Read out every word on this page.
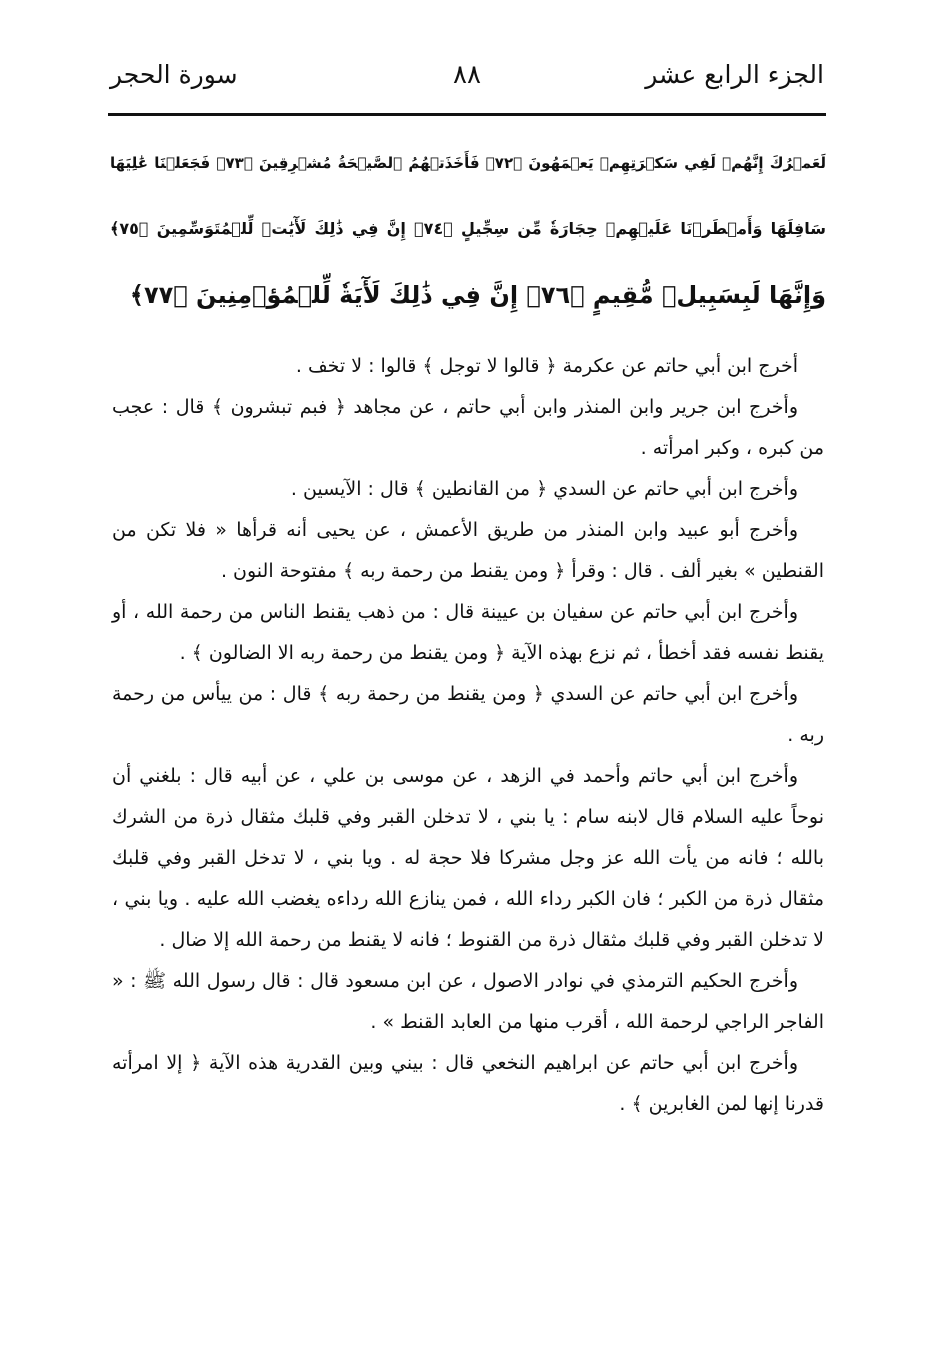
الجزء الرابع عشر
٨٨
سورة الحجر
لَعَمۡرُكَ إِنَّهُمۡ لَفِي سَكۡرَتِهِمۡ يَعۡمَهُونَ ﴿٧٢﴾ فَأَخَذَتۡهُمُ ٱلصَّيۡحَةُ مُشۡرِقِينَ ﴿٧٣﴾ فَجَعَلۡنَا عَٰلِيَهَا
سَافِلَهَا وَأَمۡطَرۡنَا عَلَيۡهِمۡ حِجَارَةٗ مِّن سِجِّيلٍ ﴿٧٤﴾ إِنَّ فِي ذَٰلِكَ لَأٓيَٰتٖ لِّلۡمُتَوَسِّمِينَ ﴿٧٥﴾
وَإِنَّهَا لَبِسَبِيلٖ مُّقِيمٍ ﴿٧٦﴾ إِنَّ فِي ذَٰلِكَ لَأٓيَةٗ لِّلۡمُؤۡمِنِينَ ﴿٧٧﴾

أخرج ابن أبي حاتم عن عكرمة ﴿ قالوا لا توجل ﴾ قالوا : لا تخف .

وأخرج ابن جرير وابن المنذر وابن أبي حاتم ، عن مجاهد ﴿ فبم تبشرون ﴾ قال : عجب من كبره ، وكبر امرأته .

وأخرج ابن أبي حاتم عن السدي ﴿ من القانطين ﴾ قال : الآيسين .

وأخرج أبو عبيد وابن المنذر من طريق الأعمش ، عن يحيى أنه قرأها « فلا تكن من القنطين » بغير ألف . قال : وقرأ ﴿ ومن يقنط من رحمة ربه ﴾ مفتوحة النون .

وأخرج ابن أبي حاتم عن سفيان بن عيينة قال : من ذهب يقنط الناس من رحمة الله ، أو يقنط نفسه فقد أخطأ ، ثم نزع بهذه الآية ﴿ ومن يقنط من رحمة ربه الا الضالون ﴾ .

وأخرج ابن أبي حاتم عن السدي ﴿ ومن يقنط من رحمة ربه ﴾ قال : من ييأس من رحمة ربه .

وأخرج ابن أبي حاتم وأحمد في الزهد ، عن موسى بن علي ، عن أبيه قال : بلغني أن نوحاً عليه السلام قال لابنه سام : يا بني ، لا تدخلن القبر وفي قلبك مثقال ذرة من الشرك بالله ؛ فانه من يأت الله عز وجل مشركا فلا حجة له . ويا بني ، لا تدخل القبر وفي قلبك مثقال ذرة من الكبر ؛ فان الكبر رداء الله ، فمن ينازع الله رداءه يغضب الله عليه . ويا بني ، لا تدخلن القبر وفي قلبك مثقال ذرة من القنوط ؛ فانه لا يقنط من رحمة الله إلا ضال .

وأخرج الحكيم الترمذي في نوادر الاصول ، عن ابن مسعود قال : قال رسول الله ﷺ : « الفاجر الراجي لرحمة الله ، أقرب منها من العابد القنط » .

وأخرج ابن أبي حاتم عن ابراهيم النخعي قال : بيني وبين القدرية هذه الآية ﴿ إلا امرأته قدرنا إنها لمن الغابرين ﴾ .
